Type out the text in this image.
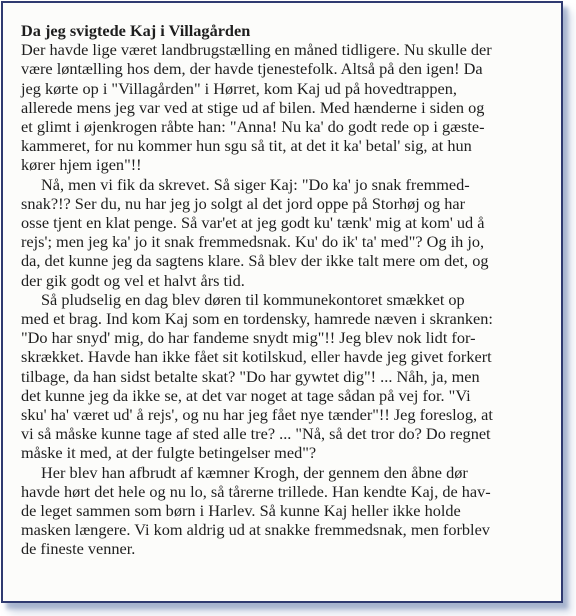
Da jeg svigtede Kaj i Villagården
Der havde lige været landbrugstælling en måned tidligere. Nu skulle der
være løntælling hos dem, der havde tjenestefolk. Altså på den igen! Da
jeg kørte op i "Villagården" i Hørret, kom Kaj ud på hovedtrappen,
allerede mens jeg var ved at stige ud af bilen. Med hænderne i siden og
et glimt i øjenkrogen råbte han: "Anna! Nu ka' do godt rede op i gæste-
kammeret, for nu kommer hun sgu så tit, at det it ka' betal' sig, at hun
kører hjem igen"!!
Nå, men vi fik da skrevet. Så siger Kaj: "Do ka' jo snak fremmed-
snak?!? Ser du, nu har jeg jo solgt al det jord oppe på Storhøj og har
osse tjent en klat penge. Så var'et at jeg godt ku' tænk' mig at kom' ud å
rejs'; men jeg ka' jo it snak fremmedsnak. Ku' do ik' ta' med"? Og ih jo,
da, det kunne jeg da sagtens klare. Så blev der ikke talt mere om det, og
der gik godt og vel et halvt års tid.
Så pludselig en dag blev døren til kommunekontoret smækket op
med et brag. Ind kom Kaj som en tordensky, hamrede næven i skranken:
"Do har snyd' mig, do har fandeme snydt mig"!! Jeg blev nok lidt for-
skrækket. Havde han ikke fået sit kotilskud, eller havde jeg givet forkert
tilbage, da han sidst betalte skat? "Do har gywtet dig"! ... Nåh, ja, men
det kunne jeg da ikke se, at det var noget at tage sådan på vej for. "Vi
sku' ha' været ud' å rejs', og nu har jeg fået nye tænder"!! Jeg foreslog, at
vi så måske kunne tage af sted alle tre? ... "Nå, så det tror do? Do regnet
måske it med, at der fulgte betingelser med"?
Her blev han afbrudt af kæmner Krogh, der gennem den åbne dør
havde hørt det hele og nu lo, så tårerne trillede. Han kendte Kaj, de hav-
de leget sammen som børn i Harlev. Så kunne Kaj heller ikke holde
masken længere. Vi kom aldrig ud at snakke fremmedsnak, men forblev
de fineste venner.
